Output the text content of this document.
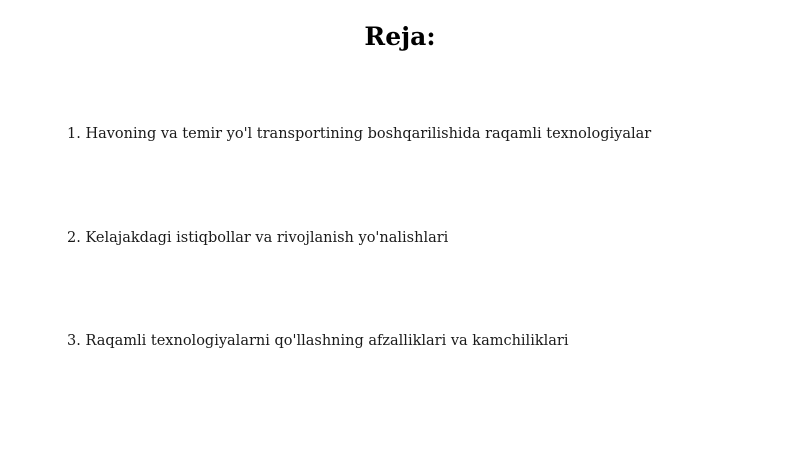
Reja:
1. Havoning va temir yo'l transportining boshqarilishida raqamli texnologiyalar
2. Kelajakdagi istiqbollar va rivojlanish yo'nalishlari
3. Raqamli texnologiyalarni qo'llashning afzalliklari va kamchiliklari
